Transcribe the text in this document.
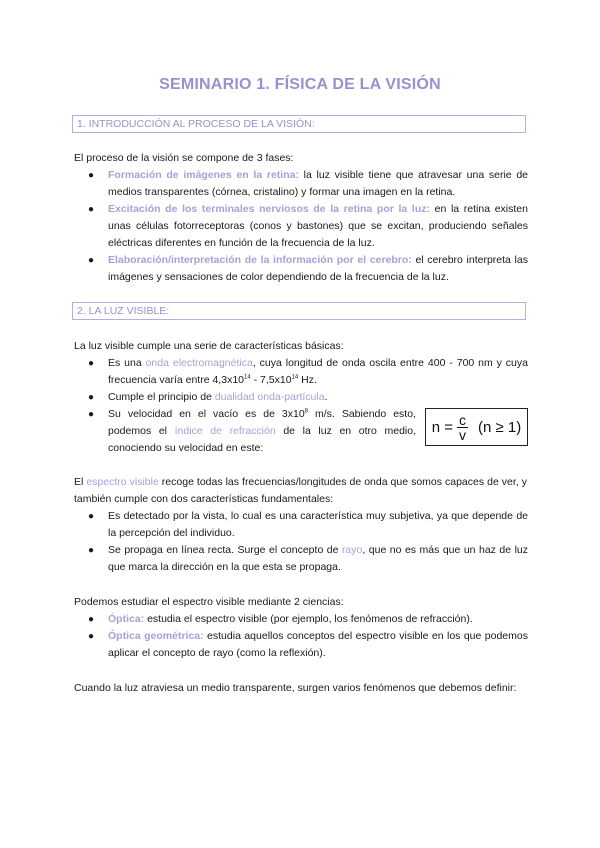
SEMINARIO 1. FÍSICA DE LA VISIÓN
1. INTRODUCCIÓN AL PROCESO DE LA VISIÓN:
El proceso de la visión se compone de 3 fases:
● Formación de imágenes en la retina: la luz visible tiene que atravesar una serie de medios transparentes (córnea, cristalino) y formar una imagen en la retina.
● Excitación de los terminales nerviosos de la retina por la luz: en la retina existen unas células fotorreceptoras (conos y bastones) que se excitan, produciendo señales eléctricas diferentes en función de la frecuencia de la luz.
● Elaboración/interpretación de la información por el cerebro: el cerebro interpreta las imágenes y sensaciones de color dependiendo de la frecuencia de la luz.
2. LA LUZ VISIBLE:
La luz visible cumple una serie de características básicas:
● Es una onda electromagnética, cuya longitud de onda oscila entre 400 - 700 nm y cuya frecuencia varía entre $4,3x10^{14} - 7,5x10^{14}$ Hz.
● Cumple el principio de dualidad onda-partícula.
● Su velocidad en el vacío es de $3x10^8$ m/s. Sabiendo esto, podemos el índice de refracción de la luz en otro medio, conociendo su velocidad en este:
$n = \frac{c}{v} (n \ge 1)$
El espectro visible recoge todas las frecuencias/longitudes de onda que somos capaces de ver, y también cumple con dos características fundamentales:
● Es detectado por la vista, lo cual es una característica muy subjetiva, ya que depende de la percepción del individuo.
● Se propaga en línea recta. Surge el concepto de rayo, que no es más que un haz de luz que marca la dirección en la que esta se propaga.
Podemos estudiar el espectro visible mediante 2 ciencias:
● Óptica: estudia el espectro visible (por ejemplo, los fenómenos de refracción).
● Óptica geométrica: estudia aquellos conceptos del espectro visible en los que podemos aplicar el concepto de rayo (como la reflexión).
Cuando la luz atraviesa un medio transparente, surgen varios fenómenos que debemos definir:
